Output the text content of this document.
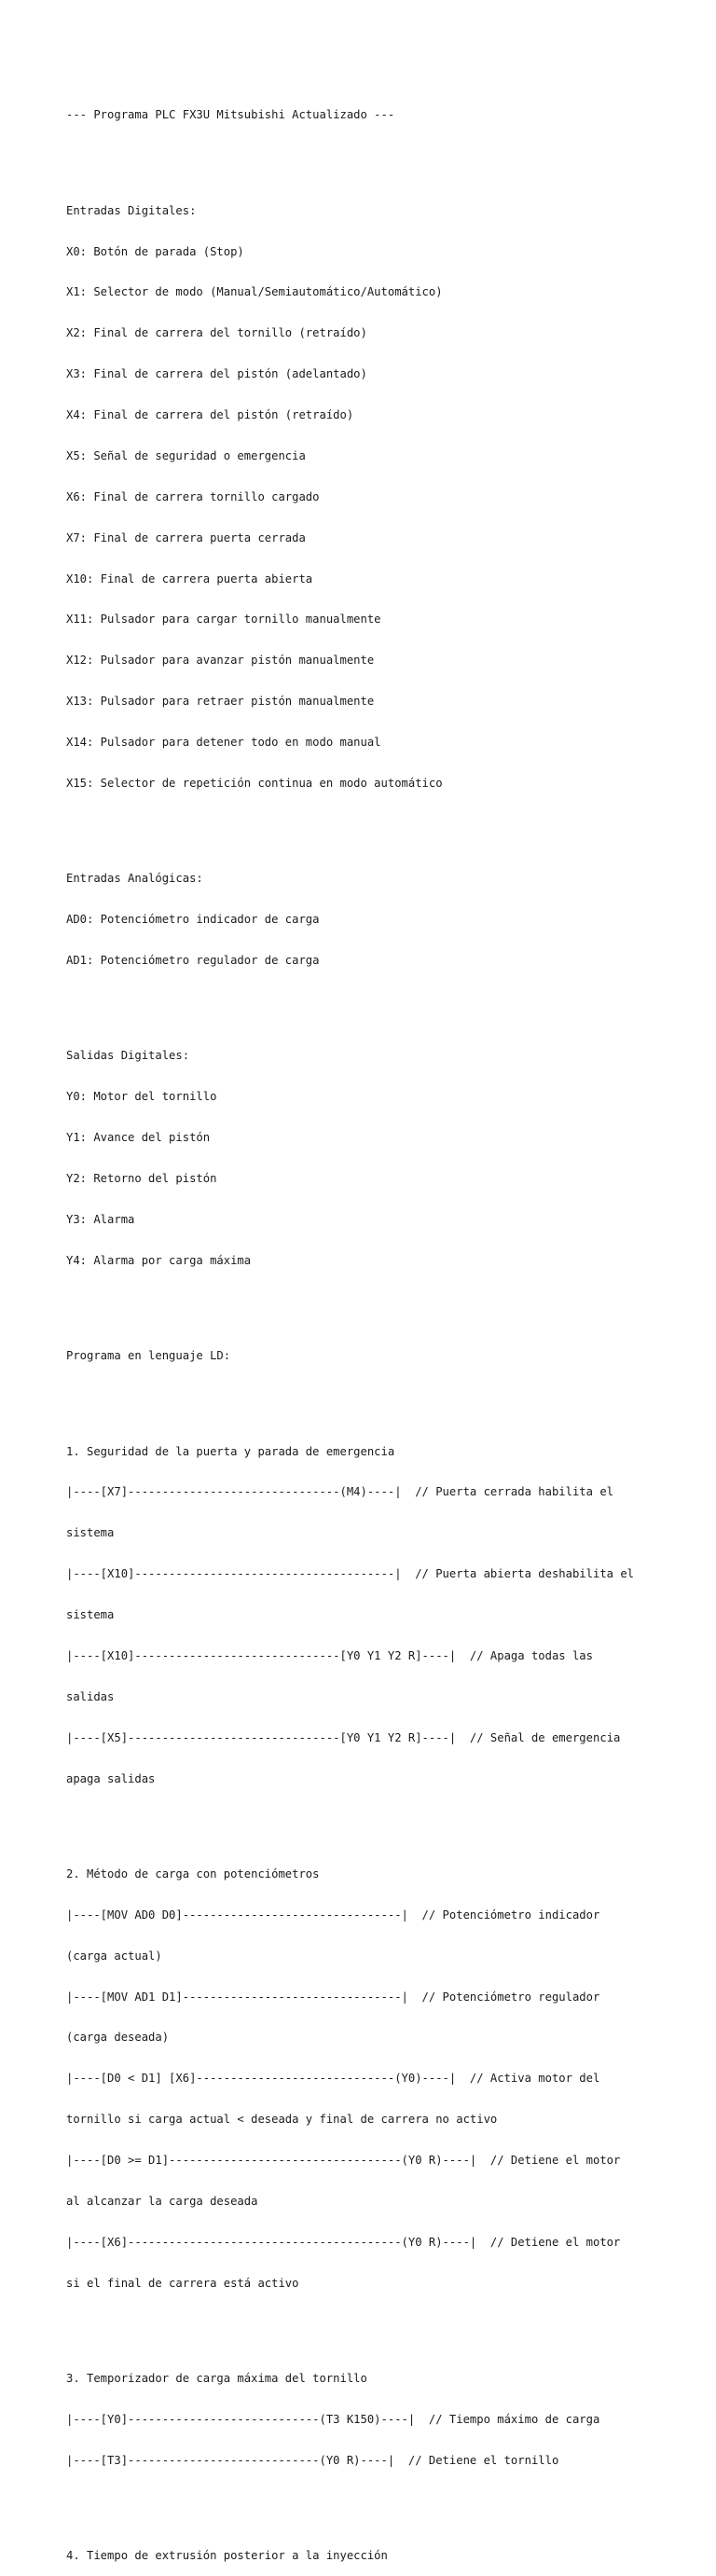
--- Programa PLC FX3U Mitsubishi Actualizado ---

Entradas Digitales:

X0: Botón de parada (Stop)

X1: Selector de modo (Manual/Semiautomático/Automático)

X2: Final de carrera del tornillo (retraído)

X3: Final de carrera del pistón (adelantado)

X4: Final de carrera del pistón (retraído)

X5: Señal de seguridad o emergencia

X6: Final de carrera tornillo cargado

X7: Final de carrera puerta cerrada

X10: Final de carrera puerta abierta

X11: Pulsador para cargar tornillo manualmente

X12: Pulsador para avanzar pistón manualmente

X13: Pulsador para retraer pistón manualmente

X14: Pulsador para detener todo en modo manual

X15: Selector de repetición continua en modo automático

Entradas Analógicas:

AD0: Potenciómetro indicador de carga

AD1: Potenciómetro regulador de carga

Salidas Digitales:

Y0: Motor del tornillo

Y1: Avance del pistón

Y2: Retorno del pistón

Y3: Alarma

Y4: Alarma por carga máxima

Programa en lenguaje LD:

1. Seguridad de la puerta y parada de emergencia

|----[X7]-------------------------------(M4)----|  // Puerta cerrada habilita el

sistema

|----[X10]--------------------------------------|  // Puerta abierta deshabilita el

sistema

|----[X10]------------------------------[Y0 Y1 Y2 R]----|  // Apaga todas las

salidas

|----[X5]-------------------------------[Y0 Y1 Y2 R]----|  // Señal de emergencia

apaga salidas

2. Método de carga con potenciómetros

|----[MOV AD0 D0]--------------------------------|  // Potenciómetro indicador

(carga actual)

|----[MOV AD1 D1]--------------------------------|  // Potenciómetro regulador

(carga deseada)

|----[D0 < D1] [X6]-----------------------------(Y0)----|  // Activa motor del

tornillo si carga actual < deseada y final de carrera no activo

|----[D0 >= D1]----------------------------------(Y0 R)----|  // Detiene el motor

al alcanzar la carga deseada

|----[X6]----------------------------------------(Y0 R)----|  // Detiene el motor

si el final de carrera está activo

3. Temporizador de carga máxima del tornillo

|----[Y0]----------------------------(T3 K150)----|  // Tiempo máximo de carga

|----[T3]----------------------------(Y0 R)----|  // Detiene el tornillo

4. Tiempo de extrusión posterior a la inyección
